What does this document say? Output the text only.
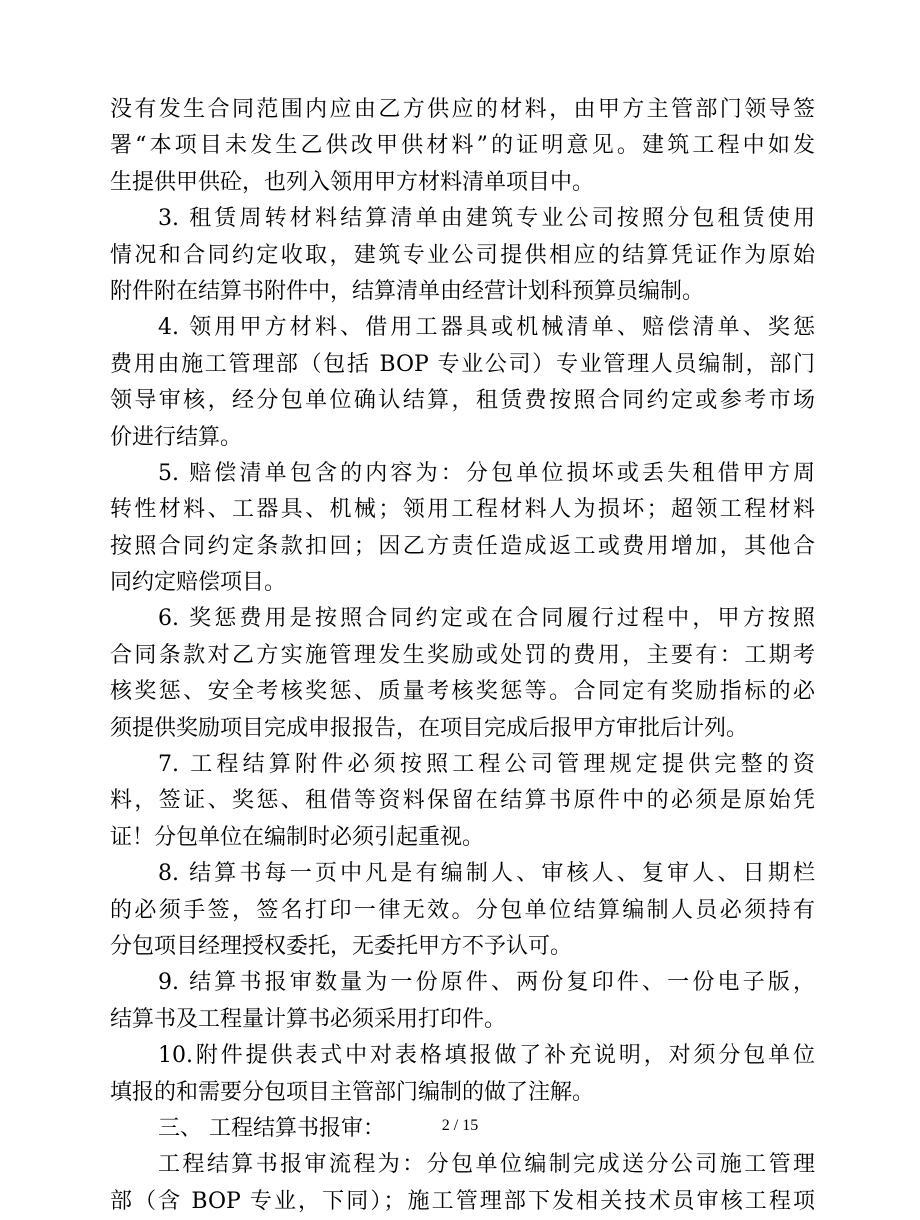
没有发生合同范围内应由乙方供应的材料，由甲方主管部门领导签
署“本项目未发生乙供改甲供材料”的证明意见。建筑工程中如发
生提供甲供砼，也列入领用甲方材料清单项目中。
3. 租赁周转材料结算清单由建筑专业公司按照分包租赁使用
情况和合同约定收取，建筑专业公司提供相应的结算凭证作为原始
附件附在结算书附件中，结算清单由经营计划科预算员编制。
4. 领用甲方材料、借用工器具或机械清单、赔偿清单、奖惩
费用由施工管理部（包括 BOP 专业公司）专业管理人员编制，部门
领导审核，经分包单位确认结算，租赁费按照合同约定或参考市场
价进行结算。
5. 赔偿清单包含的内容为：分包单位损坏或丢失租借甲方周
转性材料、工器具、机械；领用工程材料人为损坏；超领工程材料
按照合同约定条款扣回；因乙方责任造成返工或费用增加，其他合
同约定赔偿项目。
6. 奖惩费用是按照合同约定或在合同履行过程中，甲方按照
合同条款对乙方实施管理发生奖励或处罚的费用，主要有：工期考
核奖惩、安全考核奖惩、质量考核奖惩等。合同定有奖励指标的必
须提供奖励项目完成申报报告，在项目完成后报甲方审批后计列。
7. 工程结算附件必须按照工程公司管理规定提供完整的资
料，签证、奖惩、租借等资料保留在结算书原件中的必须是原始凭
证！分包单位在编制时必须引起重视。
8. 结算书每一页中凡是有编制人、审核人、复审人、日期栏
的必须手签，签名打印一律无效。分包单位结算编制人员必须持有
分包项目经理授权委托，无委托甲方不予认可。
9. 结算书报审数量为一份原件、两份复印件、一份电子版，
结算书及工程量计算书必须采用打印件。
10.附件提供表式中对表格填报做了补充说明，对须分包单位
填报的和需要分包项目主管部门编制的做了注解。
三、 工程结算书报审：
工程结算书报审流程为：分包单位编制完成送分公司施工管理
部（含 BOP 专业，下同）；施工管理部下发相关技术员审核工程项
2 / 15
